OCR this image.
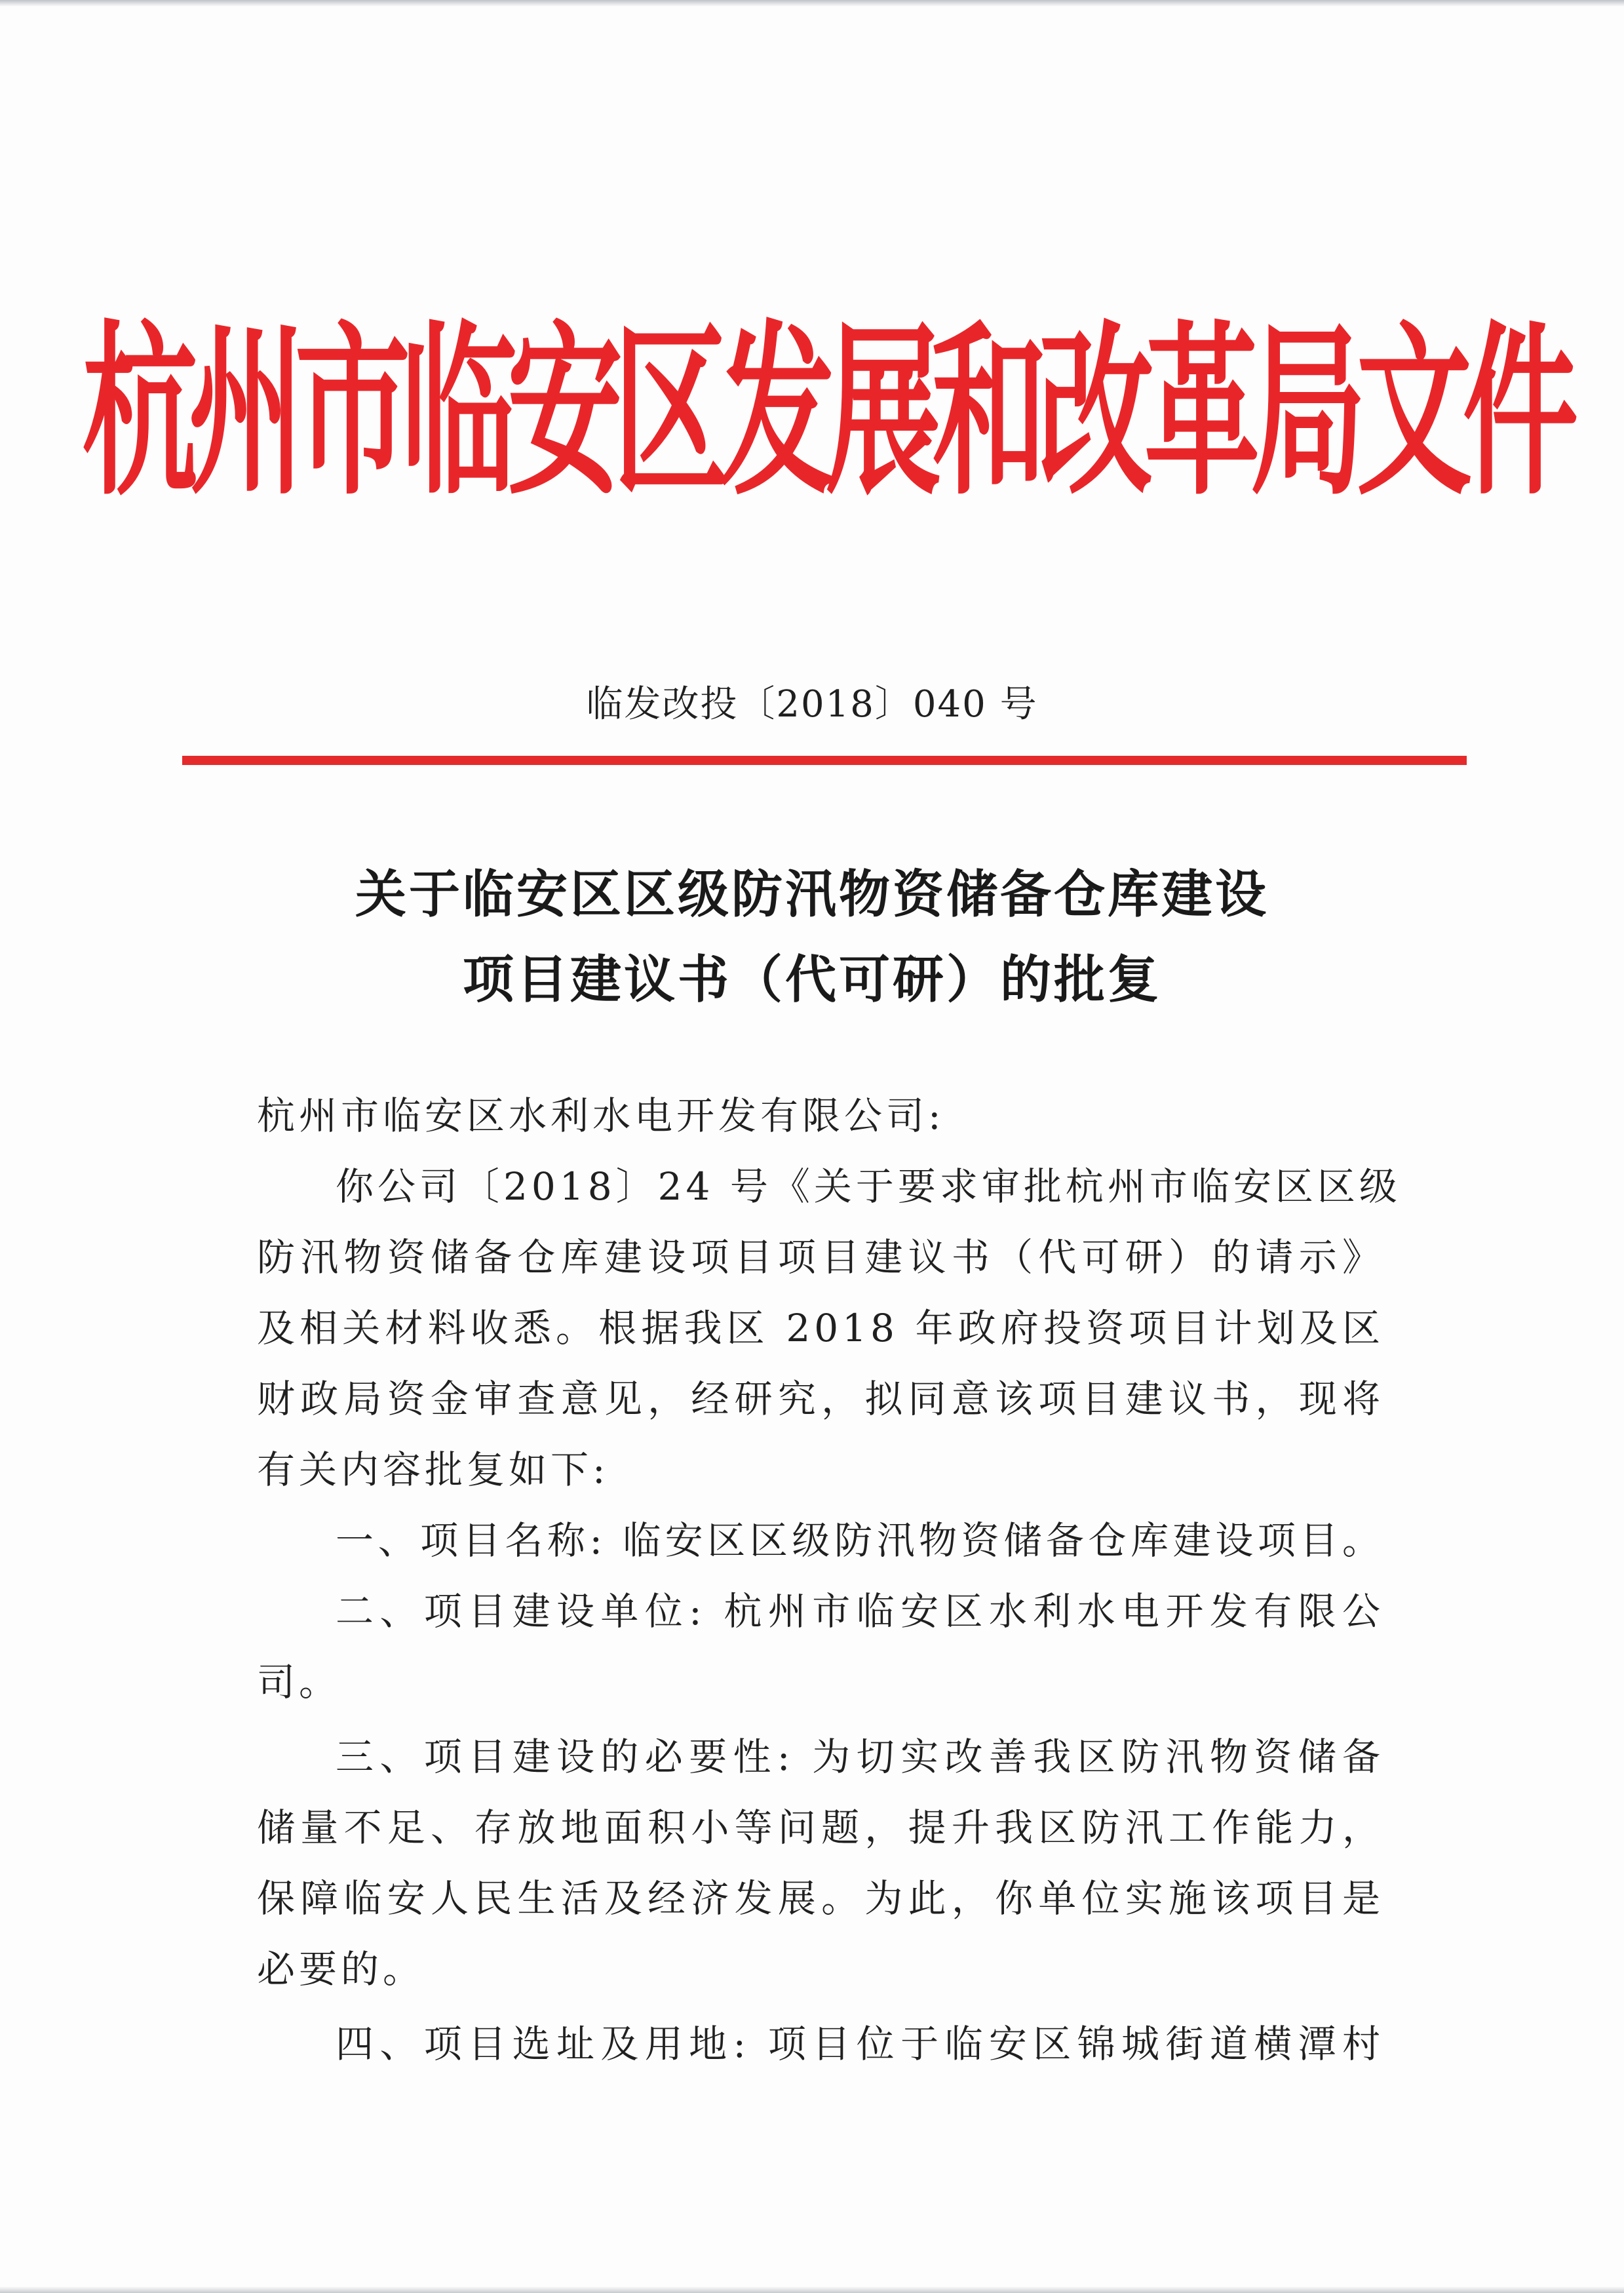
杭州市临安区发展和改革局文件
临发改投〔2018〕040 号
关于临安区区级防汛物资储备仓库建设
项目建议书（代可研）的批复
杭州市临安区水利水电开发有限公司:
你公司〔2018〕24 号《关于要求审批杭州市临安区区级
防汛物资储备仓库建设项目项目建议书（代可研）的请示》
及相关材料收悉。根据我区 2018 年政府投资项目计划及区
财政局资金审查意见，经研究，拟同意该项目建议书，现将
有关内容批复如下:
一、项目名称: 临安区区级防汛物资储备仓库建设项目。
二、项目建设单位: 杭州市临安区水利水电开发有限公
司。
三、项目建设的必要性: 为切实改善我区防汛物资储备
储量不足、存放地面积小等问题，提升我区防汛工作能力，
保障临安人民生活及经济发展。为此，你单位实施该项目是
必要的。
四、项目选址及用地: 项目位于临安区锦城街道横潭村
